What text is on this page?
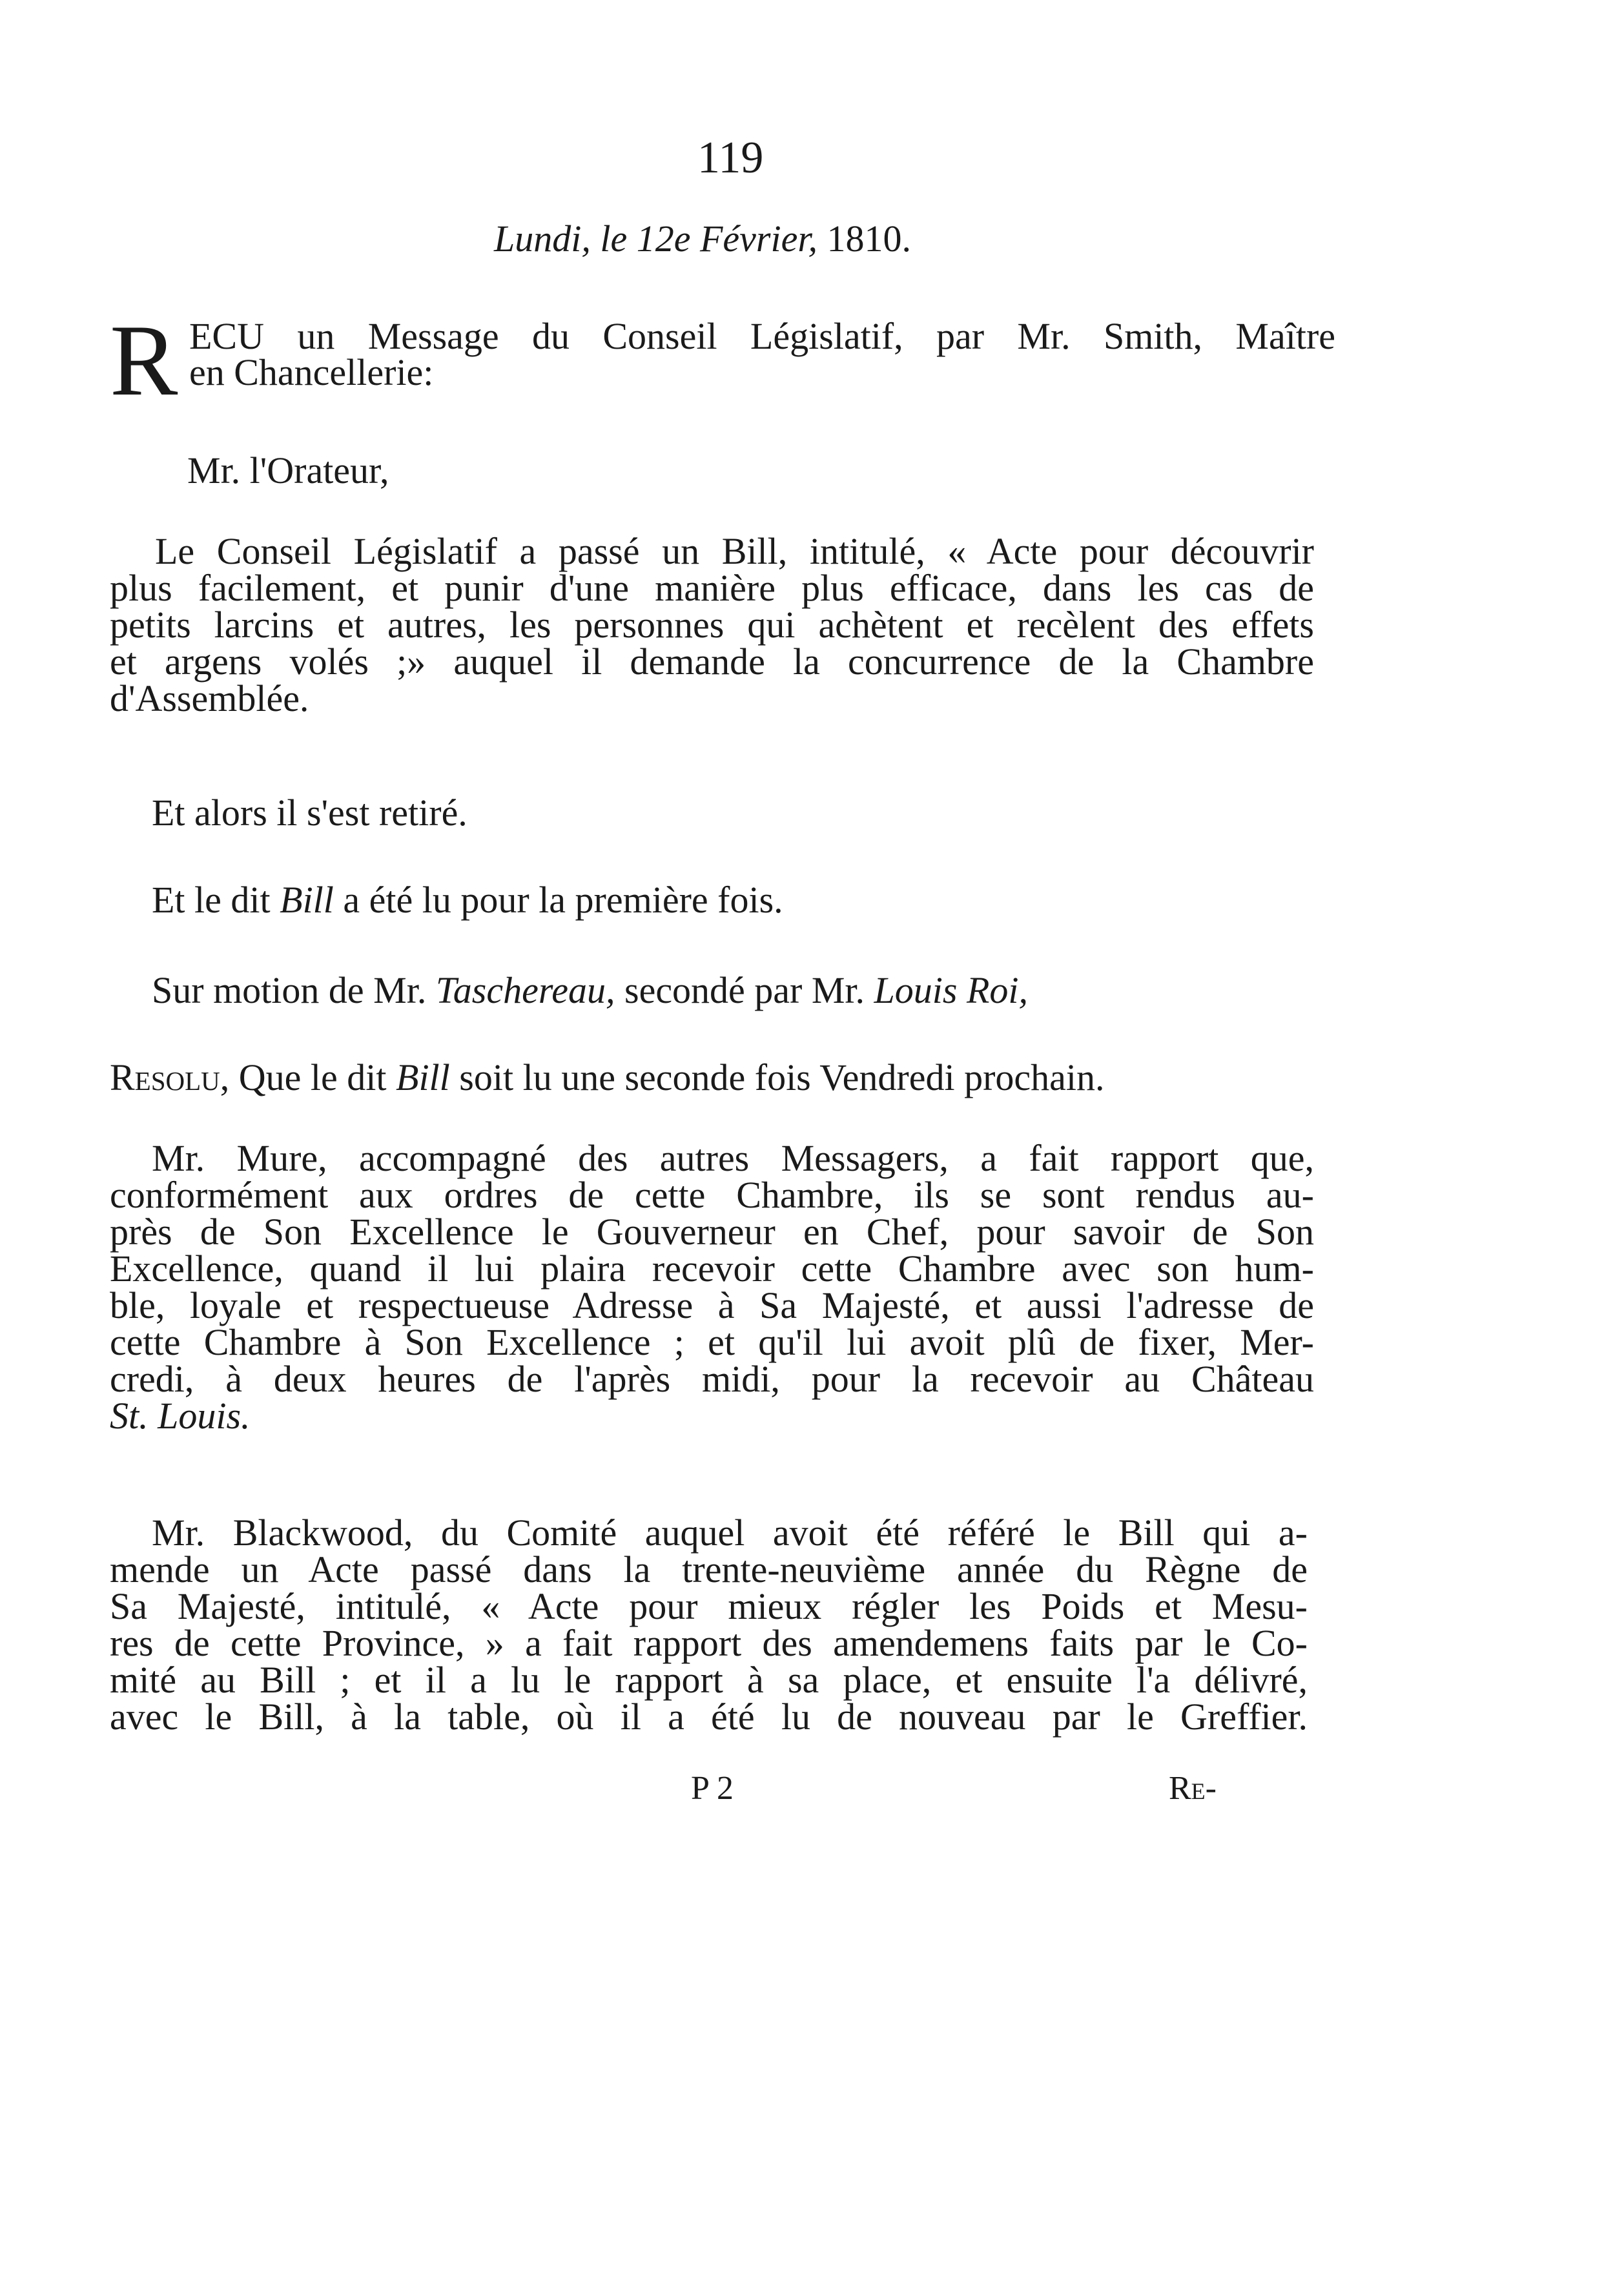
119
Lundi, le 12e Février, 1810.
R ECU un Message du Conseil Législatif, par Mr. Smith, Maître
en Chancellerie:
Mr. l'Orateur,
Le Conseil Législatif a passé un Bill, intitulé, « Acte pour découvrir
plus facilement, et punir d'une manière plus efficace, dans les cas de
petits larcins et autres, les personnes qui achètent et recèlent des effets
et argens volés ;» auquel il demande la concurrence de la Chambre
d'Assemblée.
Et alors il s'est retiré.
Et le dit Bill a été lu pour la première fois.
Sur motion de Mr. Taschereau, secondé par Mr. Louis Roi,
Resolu, Que le dit Bill soit lu une seconde fois Vendredi prochain.
Mr. Mure, accompagné des autres Messagers, a fait rapport que,
conformément aux ordres de cette Chambre, ils se sont rendus au-
près de Son Excellence le Gouverneur en Chef, pour savoir de Son
Excellence, quand il lui plaira recevoir cette Chambre avec son hum-
ble, loyale et respectueuse Adresse à Sa Majesté, et aussi l'adresse de
cette Chambre à Son Excellence ; et qu'il lui avoit plû de fixer, Mer-
credi, à deux heures de l'après midi, pour la recevoir au Château
St. Louis.
Mr. Blackwood, du Comité auquel avoit été référé le Bill qui a-
mende un Acte passé dans la trente-neuvième année du Règne de
Sa Majesté, intitulé, « Acte pour mieux régler les Poids et Mesu-
res de cette Province, » a fait rapport des amendemens faits par le Co-
mité au Bill ; et il a lu le rapport à sa place, et ensuite l'a délivré,
avec le Bill, à la table, où il a été lu de nouveau par le Greffier.
P 2	Re-
